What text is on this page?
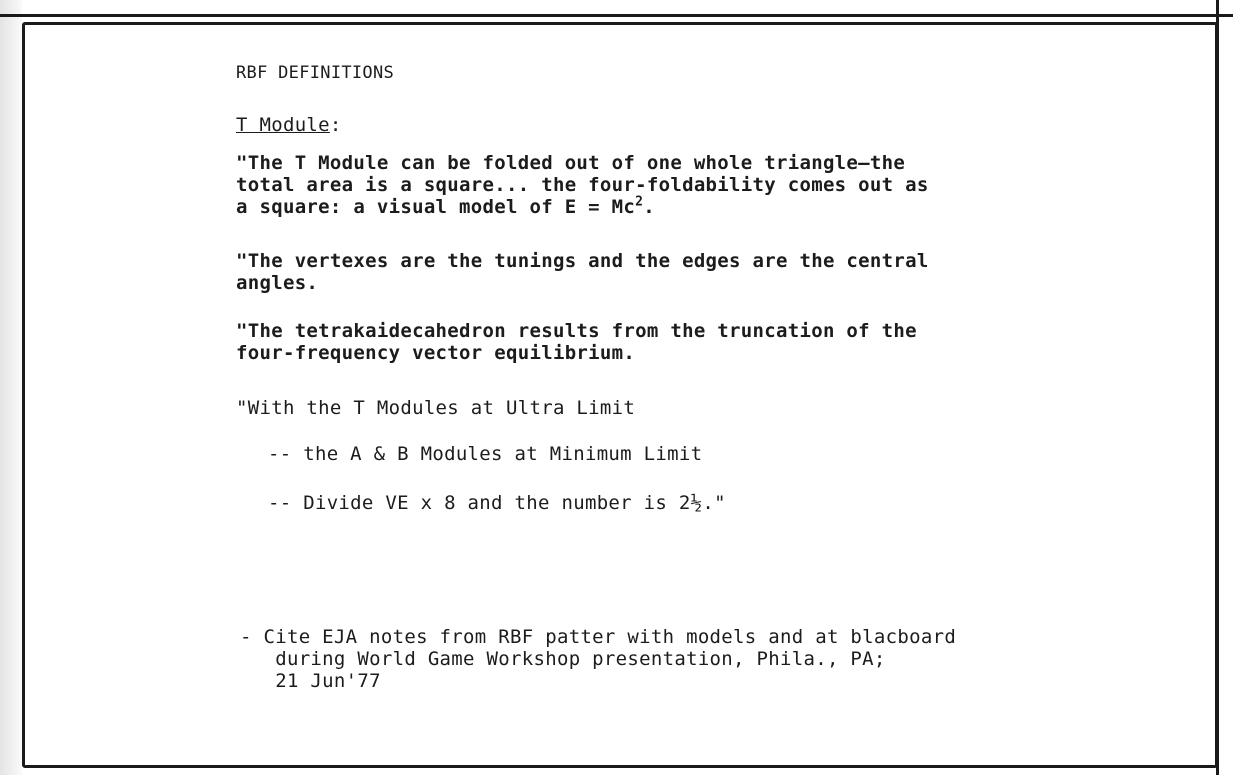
RBF DEFINITIONS
T Module:
"The T Module can be folded out of one whole triangle—the
total area is a square... the four-foldability comes out as
a square: a visual model of $E = Mc^2$.
"The vertexes are the tunings and the edges are the central
angles.
"The tetrakaidecahedron results from the truncation of the
four-frequency vector equilibrium.
"With the T Modules at Ultra Limit
-- the A & B Modules at Minimum Limit
-- Divide VE x 8 and the number is 2½."
- Cite EJA notes from RBF patter with models and at blacboard
during World Game Workshop presentation, Phila., PA;
21 Jun'77
